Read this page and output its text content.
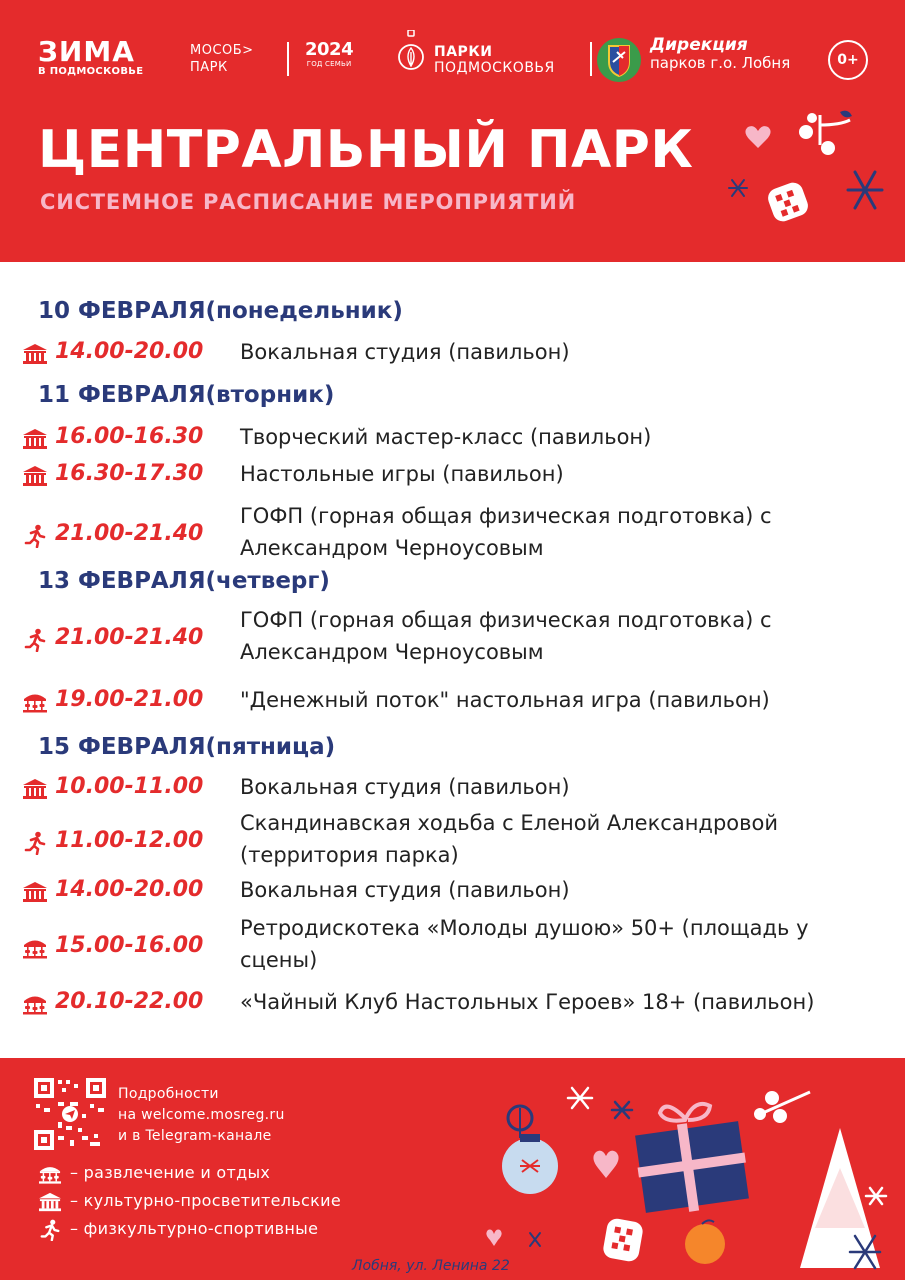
ЗИМА
В ПОДМОСКОВЬЕ
МОСОБ>
ПАРК
2024
ГОД СЕМЬИ
ПАРКИ
ПОДМОСКОВЬЯ
Дирекция
парков г.о. Лобня	0+
ЦЕНТРАЛЬНЫЙ ПАРК
СИСТЕМНОЕ РАСПИСАНИЕ МЕРОПРИЯТИЙ
10 ФЕВРАЛЯ(понедельник)
14.00-20.00 Вокальная студия (павильон)
11 ФЕВРАЛЯ(вторник)
16.00-16.30 Творческий мастер-класс (павильон)
16.30-17.30 Настольные игры (павильон)
21.00-21.40
ГОФП (горная общая физическая подготовка) с Александром Черноусовым
13 ФЕВРАЛЯ(четверг)
21.00-21.40
ГОФП (горная общая физическая подготовка) с Александром Черноусовым
19.00-21.00 "Денежный поток" настольная игра (павильон)
15 ФЕВРАЛЯ(пятница)
10.00-11.00 Вокальная студия (павильон)
11.00-12.00
Скандинавская ходьба с Еленой Александровой (территория парка)
14.00-20.00 Вокальная студия (павильон)
15.00-16.00
Ретродискотека «Молоды душою» 50+ (площадь у сцены)
20.10-22.00 «Чайный Клуб Настольных Героев» 18+ (павильон)
Подробности
на welcome.mosreg.ru
и в Telegram-канале
– развлечение и отдых
– культурно-просветительские
– физкультурно-спортивные
Лобня, ул. Ленина 22
